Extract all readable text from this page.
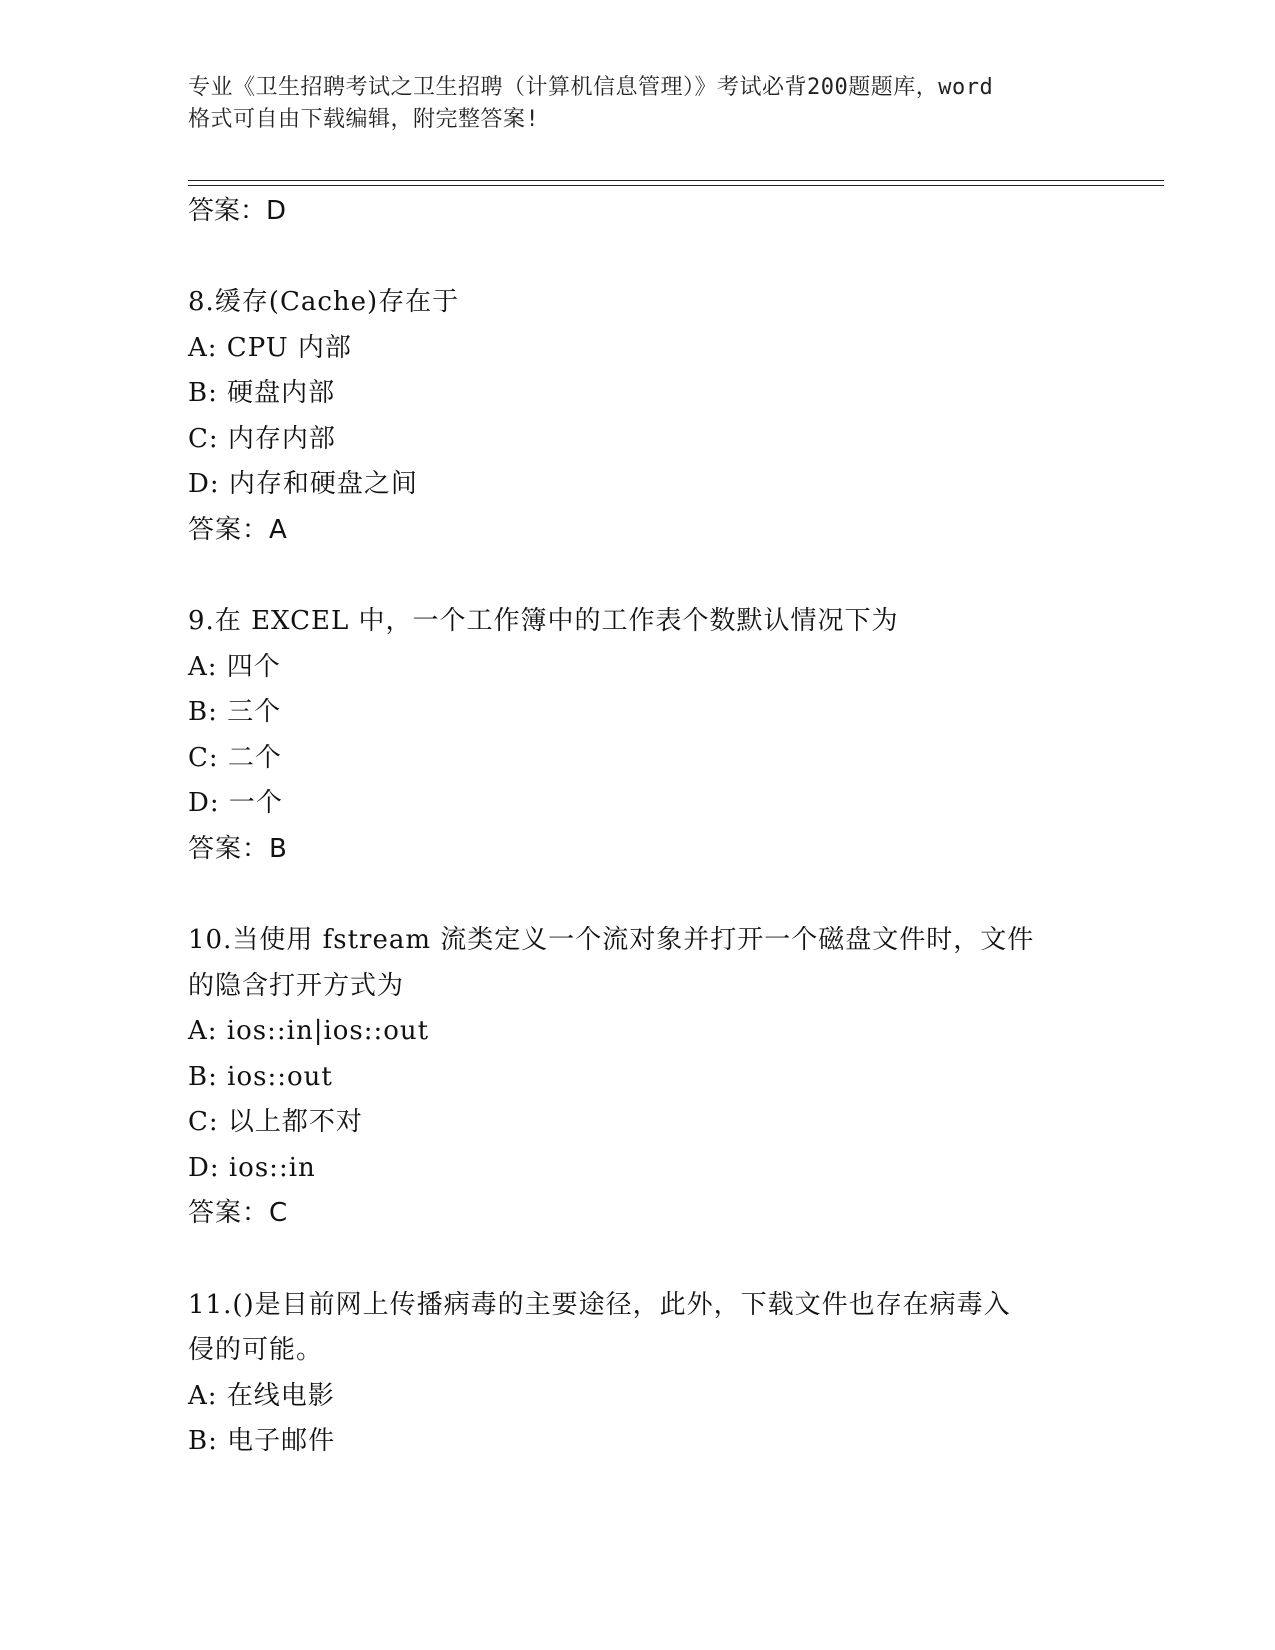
专业《卫生招聘考试之卫生招聘（计算机信息管理）》考试必背200题题库，word
格式可自由下载编辑，附完整答案!
答案：D
8.缓存(Cache)存在于
A: CPU 内部
B: 硬盘内部
C: 内存内部
D: 内存和硬盘之间
答案：A
9.在 EXCEL 中，一个工作簿中的工作表个数默认情况下为
A: 四个
B: 三个
C: 二个
D: 一个
答案：B
10.当使用 fstream 流类定义一个流对象并打开一个磁盘文件时，文件
的隐含打开方式为
A: ios::in|ios::out
B: ios::out
C: 以上都不对
D: ios::in
答案：C
11.()是目前网上传播病毒的主要途径，此外，下载文件也存在病毒入
侵的可能。
A: 在线电影
B: 电子邮件
